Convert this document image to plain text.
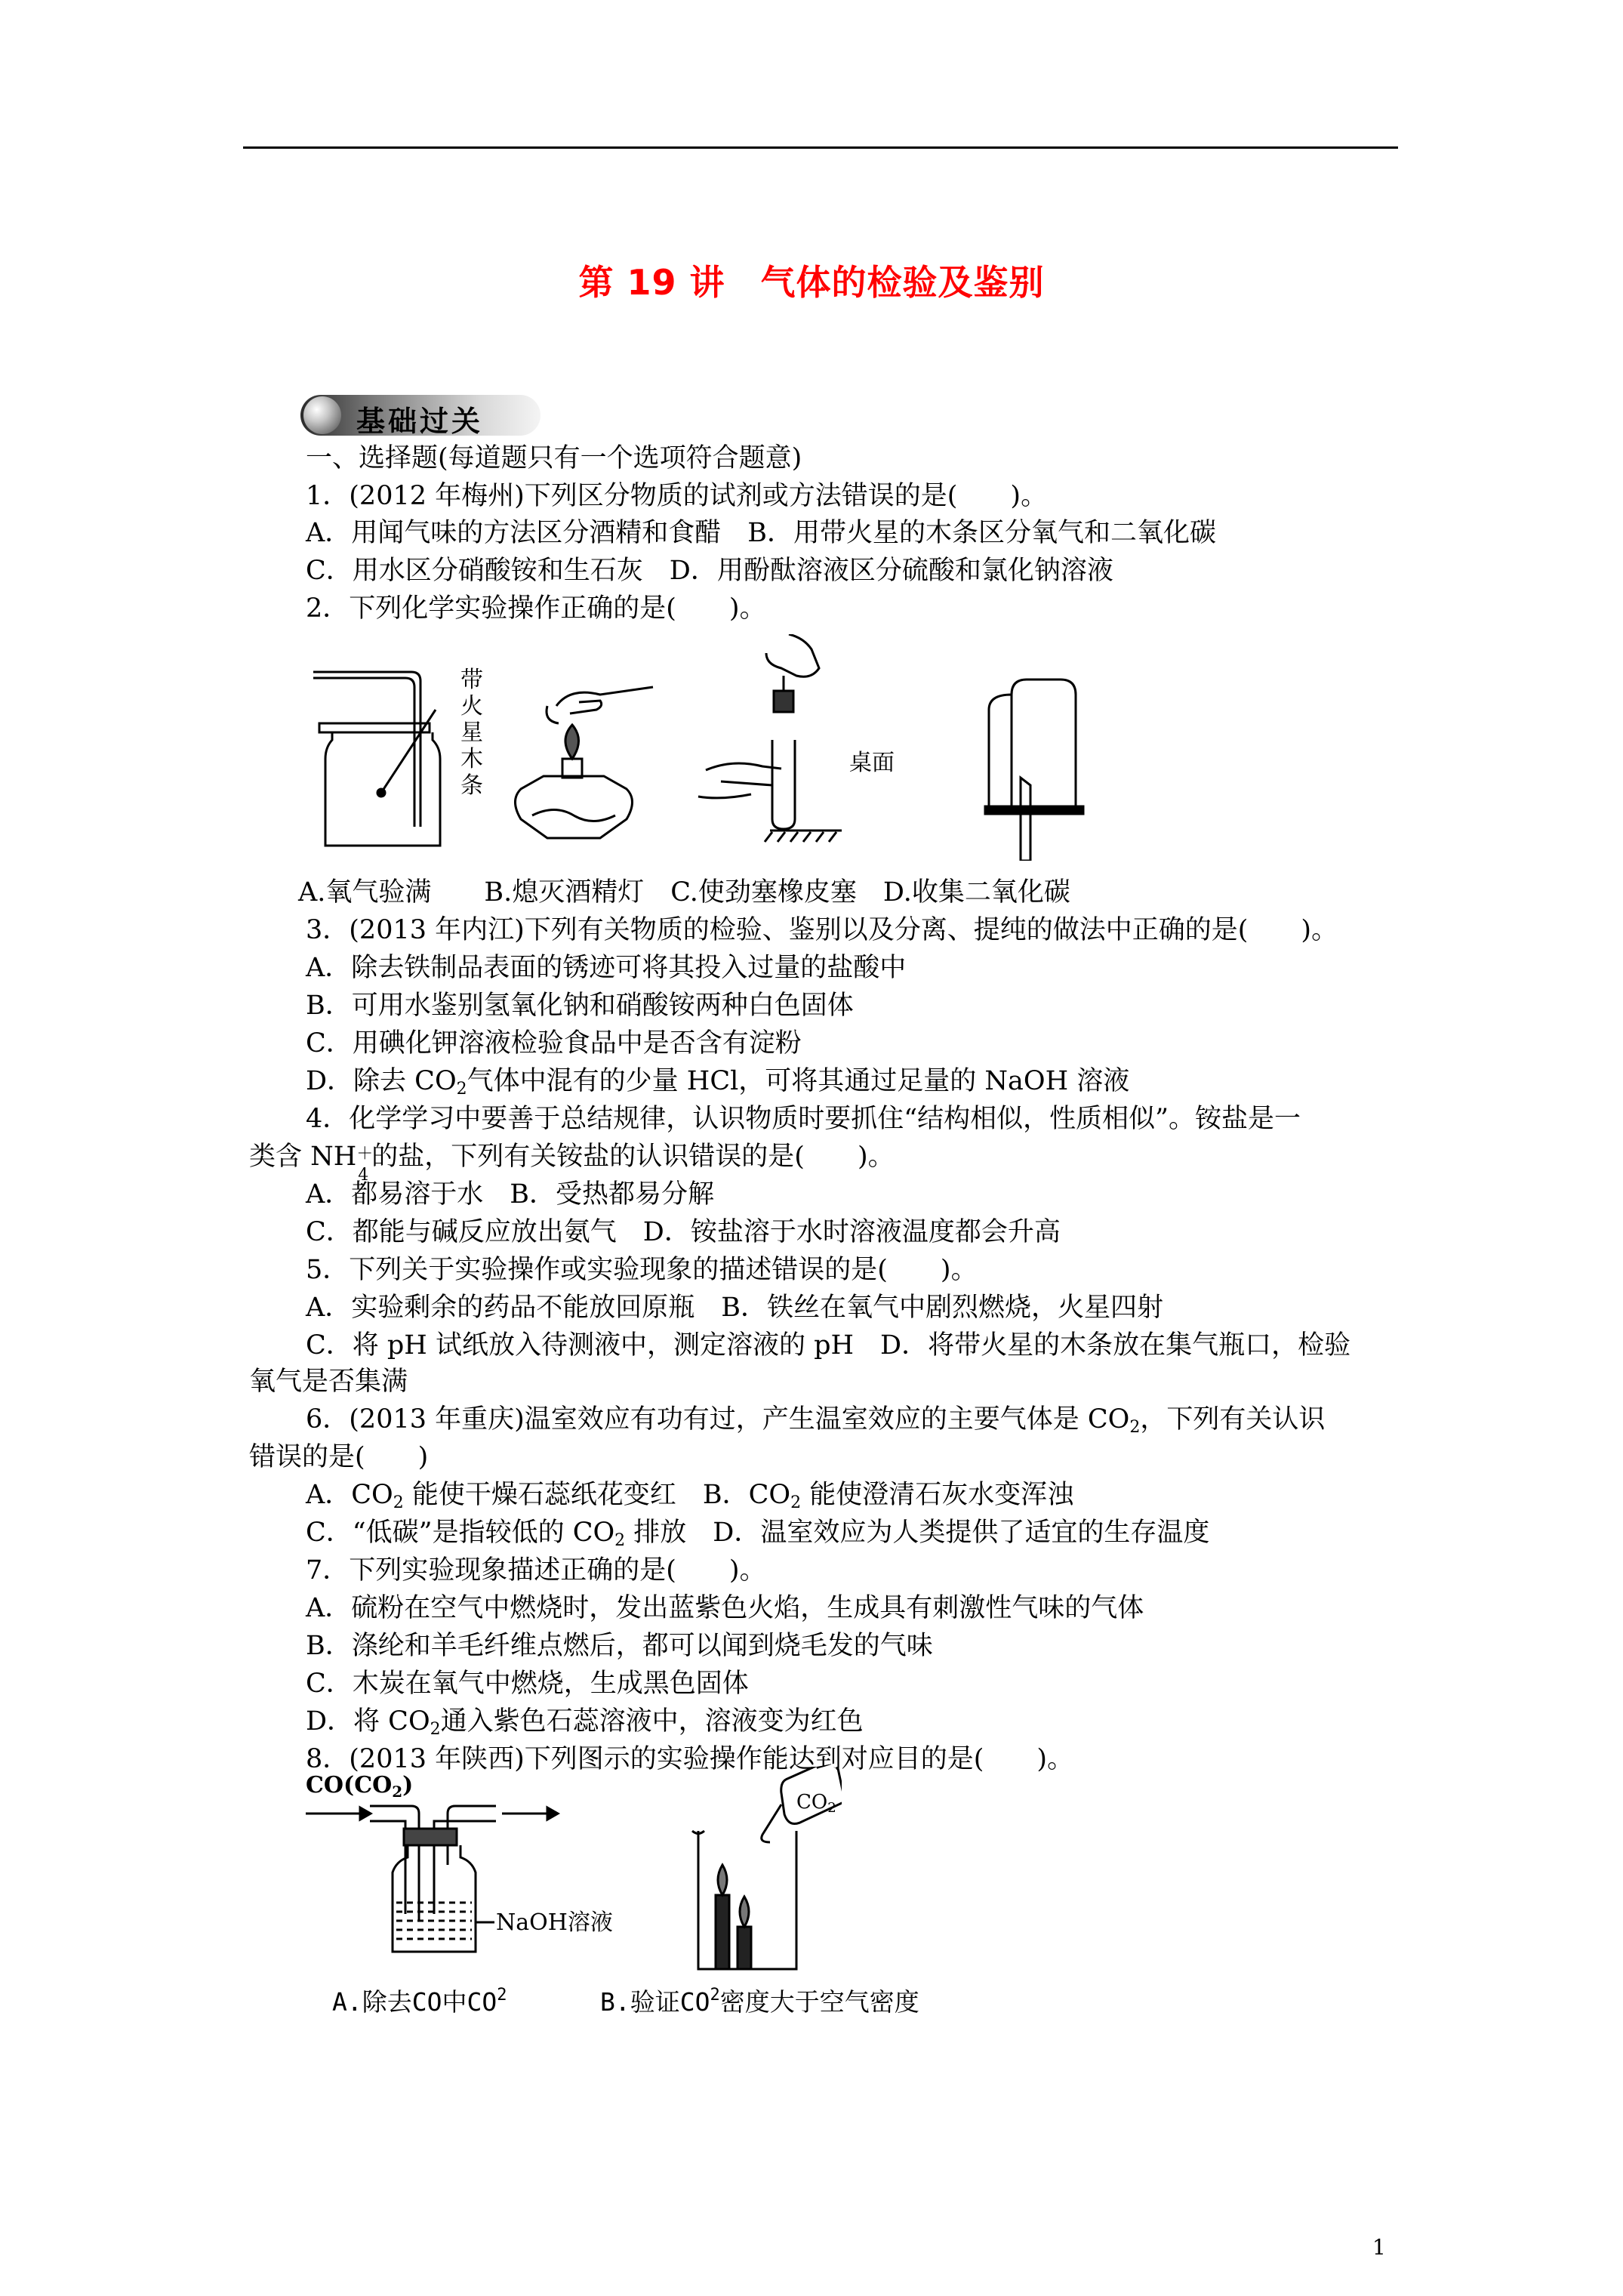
第 19 讲　气体的检验及鉴别
基础过关
一、选择题(每道题只有一个选项符合题意)
1．(2012 年梅州)下列区分物质的试剂或方法错误的是(　　)。
A．用闻气味的方法区分酒精和食醋　B．用带火星的木条区分氧气和二氧化碳
C．用水区分硝酸铵和生石灰　D．用酚酞溶液区分硫酸和氯化钠溶液
2．下列化学实验操作正确的是(　　)。
带
火
星
木
条
桌面
A.氧气验满　　B.熄灭酒精灯　C.使劲塞橡皮塞　D.收集二氧化碳
3．(2013 年内江)下列有关物质的检验、鉴别以及分离、提纯的做法中正确的是(　　)。
A．除去铁制品表面的锈迹可将其投入过量的盐酸中
B．可用水鉴别氢氧化钠和硝酸铵两种白色固体
C．用碘化钾溶液检验食品中是否含有淀粉
D．除去 $CO_2$气体中混有的少量 HCl，可将其通过足量的 NaOH 溶液
4．化学学习中要善于总结规律，认识物质时要抓住“结构相似，性质相似”。铵盐是一
类含 NH ＋
4
的盐，下列有关铵盐的认识错误的是(　　)。
A．都易溶于水　B．受热都易分解
C．都能与碱反应放出氨气　D．铵盐溶于水时溶液温度都会升高
5．下列关于实验操作或实验现象的描述错误的是(　　)。
A．实验剩余的药品不能放回原瓶　B．铁丝在氧气中剧烈燃烧，火星四射
C．将 pH 试纸放入待测液中，测定溶液的 pH　D．将带火星的木条放在集气瓶口，检验
氧气是否集满
6．(2013 年重庆)温室效应有功有过，产生温室效应的主要气体是 $CO_2$，下列有关认识
错误的是(　　)
A．$CO_2$ 能使干燥石蕊纸花变红　B．$CO_2$ 能使澄清石灰水变浑浊
C．“低碳”是指较低的 $CO_2$ 排放　D．温室效应为人类提供了适宜的生存温度
7．下列实验现象描述正确的是(　　)。
A．硫粉在空气中燃烧时，发出蓝紫色火焰，生成具有刺激性气味的气体
B．涤纶和羊毛纤维点燃后，都可以闻到烧毛发的气味
C．木炭在氧气中燃烧，生成黑色固体
D．将 $CO_2$通入紫色石蕊溶液中，溶液变为红色
8．(2013 年陕西)下列图示的实验操作能达到对应目的是(　　)。
$CO(CO_2)$
NaOH溶液
CO2
A.除去CO中$CO^2$	B.验证$CO^2$密度大于空气密度
1
